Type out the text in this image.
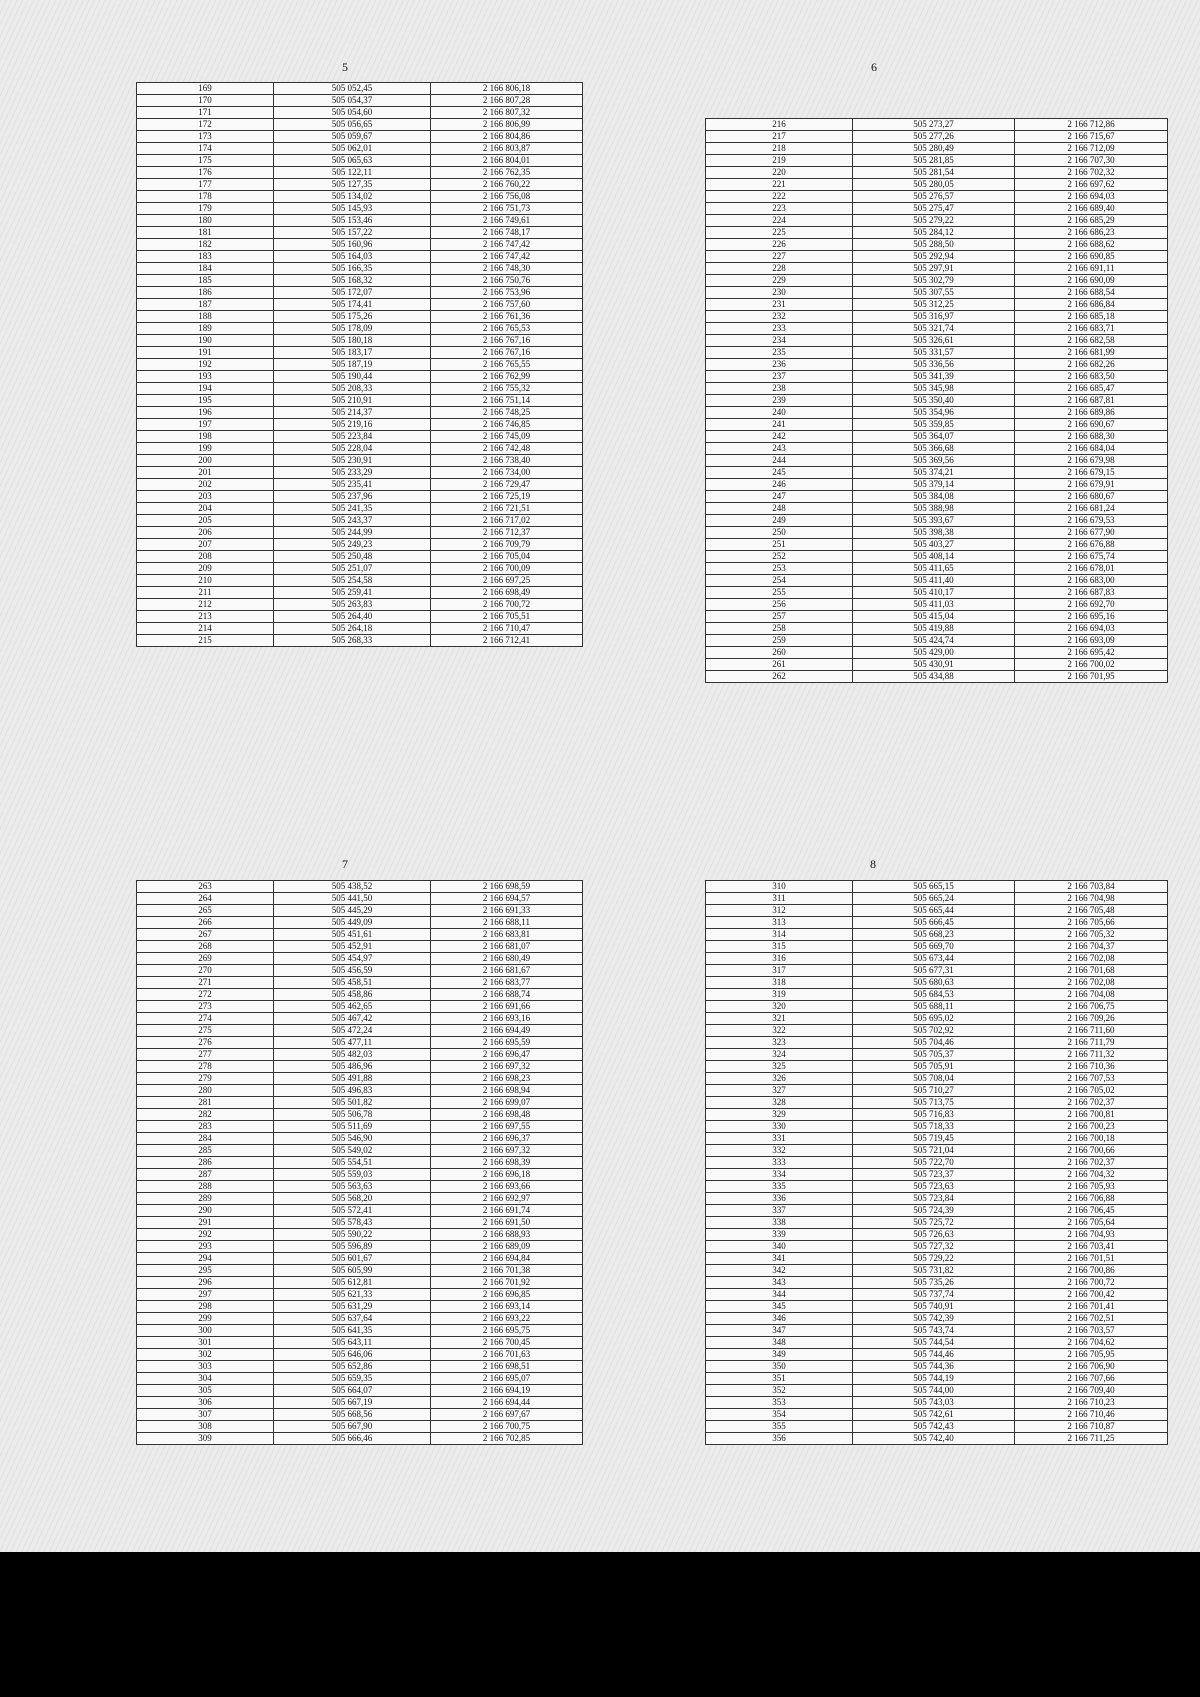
5
169	505 052,45	2 166 806,18
170	505 054,37	2 166 807,28
171	505 054,60	2 166 807,32
172	505 056,65	2 166 806,99
173	505 059,67	2 166 804,86
174	505 062,01	2 166 803,87
175	505 065,63	2 166 804,01
176	505 122,11	2 166 762,35
177	505 127,35	2 166 760,22
178	505 134,02	2 166 756,08
179	505 145,93	2 166 751,73
180	505 153,46	2 166 749,61
181	505 157,22	2 166 748,17
182	505 160,96	2 166 747,42
183	505 164,03	2 166 747,42
184	505 166,35	2 166 748,30
185	505 168,32	2 166 750,76
186	505 172,07	2 166 753,96
187	505 174,41	2 166 757,60
188	505 175,26	2 166 761,36
189	505 178,09	2 166 765,53
190	505 180,18	2 166 767,16
191	505 183,17	2 166 767,16
192	505 187,19	2 166 765,55
193	505 190,44	2 166 762,99
194	505 208,33	2 166 755,32
195	505 210,91	2 166 751,14
196	505 214,37	2 166 748,25
197	505 219,16	2 166 746,85
198	505 223,84	2 166 745,09
199	505 228,04	2 166 742,48
200	505 230,91	2 166 738,40
201	505 233,29	2 166 734,00
202	505 235,41	2 166 729,47
203	505 237,96	2 166 725,19
204	505 241,35	2 166 721,51
205	505 243,37	2 166 717,02
206	505 244,99	2 166 712,37
207	505 249,23	2 166 709,79
208	505 250,48	2 166 705,04
209	505 251,07	2 166 700,09
210	505 254,58	2 166 697,25
211	505 259,41	2 166 698,49
212	505 263,83	2 166 700,72
213	505 264,40	2 166 705,51
214	505 264,18	2 166 710,47
215	505 268,33	2 166 712,41
6
216	505 273,27	2 166 712,86
217	505 277,26	2 166 715,67
218	505 280,49	2 166 712,09
219	505 281,85	2 166 707,30
220	505 281,54	2 166 702,32
221	505 280,05	2 166 697,62
222	505 276,57	2 166 694,03
223	505 275,47	2 166 689,40
224	505 279,22	2 166 685,29
225	505 284,12	2 166 686,23
226	505 288,50	2 166 688,62
227	505 292,94	2 166 690,85
228	505 297,91	2 166 691,11
229	505 302,79	2 166 690,09
230	505 307,55	2 166 688,54
231	505 312,25	2 166 686,84
232	505 316,97	2 166 685,18
233	505 321,74	2 166 683,71
234	505 326,61	2 166 682,58
235	505 331,57	2 166 681,99
236	505 336,56	2 166 682,26
237	505 341,39	2 166 683,50
238	505 345,98	2 166 685,47
239	505 350,40	2 166 687,81
240	505 354,96	2 166 689,86
241	505 359,85	2 166 690,67
242	505 364,07	2 166 688,30
243	505 366,68	2 166 684,04
244	505 369,56	2 166 679,98
245	505 374,21	2 166 679,15
246	505 379,14	2 166 679,91
247	505 384,08	2 166 680,67
248	505 388,98	2 166 681,24
249	505 393,67	2 166 679,53
250	505 398,38	2 166 677,90
251	505 403,27	2 166 676,88
252	505 408,14	2 166 675,74
253	505 411,65	2 166 678,01
254	505 411,40	2 166 683,00
255	505 410,17	2 166 687,83
256	505 411,03	2 166 692,70
257	505 415,04	2 166 695,16
258	505 419,88	2 166 694,03
259	505 424,74	2 166 693,09
260	505 429,00	2 166 695,42
261	505 430,91	2 166 700,02
262	505 434,88	2 166 701,95
7
263	505 438,52	2 166 698,59
264	505 441,50	2 166 694,57
265	505 445,29	2 166 691,33
266	505 449,09	2 166 688,11
267	505 451,61	2 166 683,81
268	505 452,91	2 166 681,07
269	505 454,97	2 166 680,49
270	505 456,59	2 166 681,67
271	505 458,51	2 166 683,77
272	505 458,86	2 166 688,74
273	505 462,65	2 166 691,66
274	505 467,42	2 166 693,16
275	505 472,24	2 166 694,49
276	505 477,11	2 166 695,59
277	505 482,03	2 166 696,47
278	505 486,96	2 166 697,32
279	505 491,88	2 166 698,23
280	505 496,83	2 166 698,94
281	505 501,82	2 166 699,07
282	505 506,78	2 166 698,48
283	505 511,69	2 166 697,55
284	505 546,90	2 166 696,37
285	505 549,02	2 166 697,32
286	505 554,51	2 166 698,39
287	505 559,03	2 166 696,18
288	505 563,63	2 166 693,66
289	505 568,20	2 166 692,97
290	505 572,41	2 166 691,74
291	505 578,43	2 166 691,50
292	505 590,22	2 166 688,93
293	505 596,89	2 166 689,09
294	505 601,67	2 166 694,84
295	505 605,99	2 166 701,38
296	505 612,81	2 166 701,92
297	505 621,33	2 166 696,85
298	505 631,29	2 166 693,14
299	505 637,64	2 166 693,22
300	505 641,35	2 166 695,75
301	505 643,11	2 166 700,45
302	505 646,06	2 166 701,63
303	505 652,86	2 166 698,51
304	505 659,35	2 166 695,07
305	505 664,07	2 166 694,19
306	505 667,19	2 166 694,44
307	505 668,56	2 166 697,67
308	505 667,90	2 166 700,75
309	505 666,46	2 166 702,85
8
310	505 665,15	2 166 703,84
311	505 665,24	2 166 704,98
312	505 665,44	2 166 705,48
313	505 666,45	2 166 705,66
314	505 668,23	2 166 705,32
315	505 669,70	2 166 704,37
316	505 673,44	2 166 702,08
317	505 677,31	2 166 701,68
318	505 680,63	2 166 702,08
319	505 684,53	2 166 704,08
320	505 688,11	2 166 706,75
321	505 695,02	2 166 709,26
322	505 702,92	2 166 711,60
323	505 704,46	2 166 711,79
324	505 705,37	2 166 711,32
325	505 705,91	2 166 710,36
326	505 708,04	2 166 707,53
327	505 710,27	2 166 705,02
328	505 713,75	2 166 702,37
329	505 716,83	2 166 700,81
330	505 718,33	2 166 700,23
331	505 719,45	2 166 700,18
332	505 721,04	2 166 700,66
333	505 722,70	2 166 702,37
334	505 723,37	2 166 704,32
335	505 723,63	2 166 705,93
336	505 723,84	2 166 706,88
337	505 724,39	2 166 706,45
338	505 725,72	2 166 705,64
339	505 726,63	2 166 704,93
340	505 727,32	2 166 703,41
341	505 729,22	2 166 701,51
342	505 731,82	2 166 700,86
343	505 735,26	2 166 700,72
344	505 737,74	2 166 700,42
345	505 740,91	2 166 701,41
346	505 742,39	2 166 702,51
347	505 743,74	2 166 703,57
348	505 744,54	2 166 704,62
349	505 744,46	2 166 705,95
350	505 744,36	2 166 706,90
351	505 744,19	2 166 707,66
352	505 744,00	2 166 709,40
353	505 743,03	2 166 710,23
354	505 742,61	2 166 710,46
355	505 742,43	2 166 710,87
356	505 742,40	2 166 711,25
